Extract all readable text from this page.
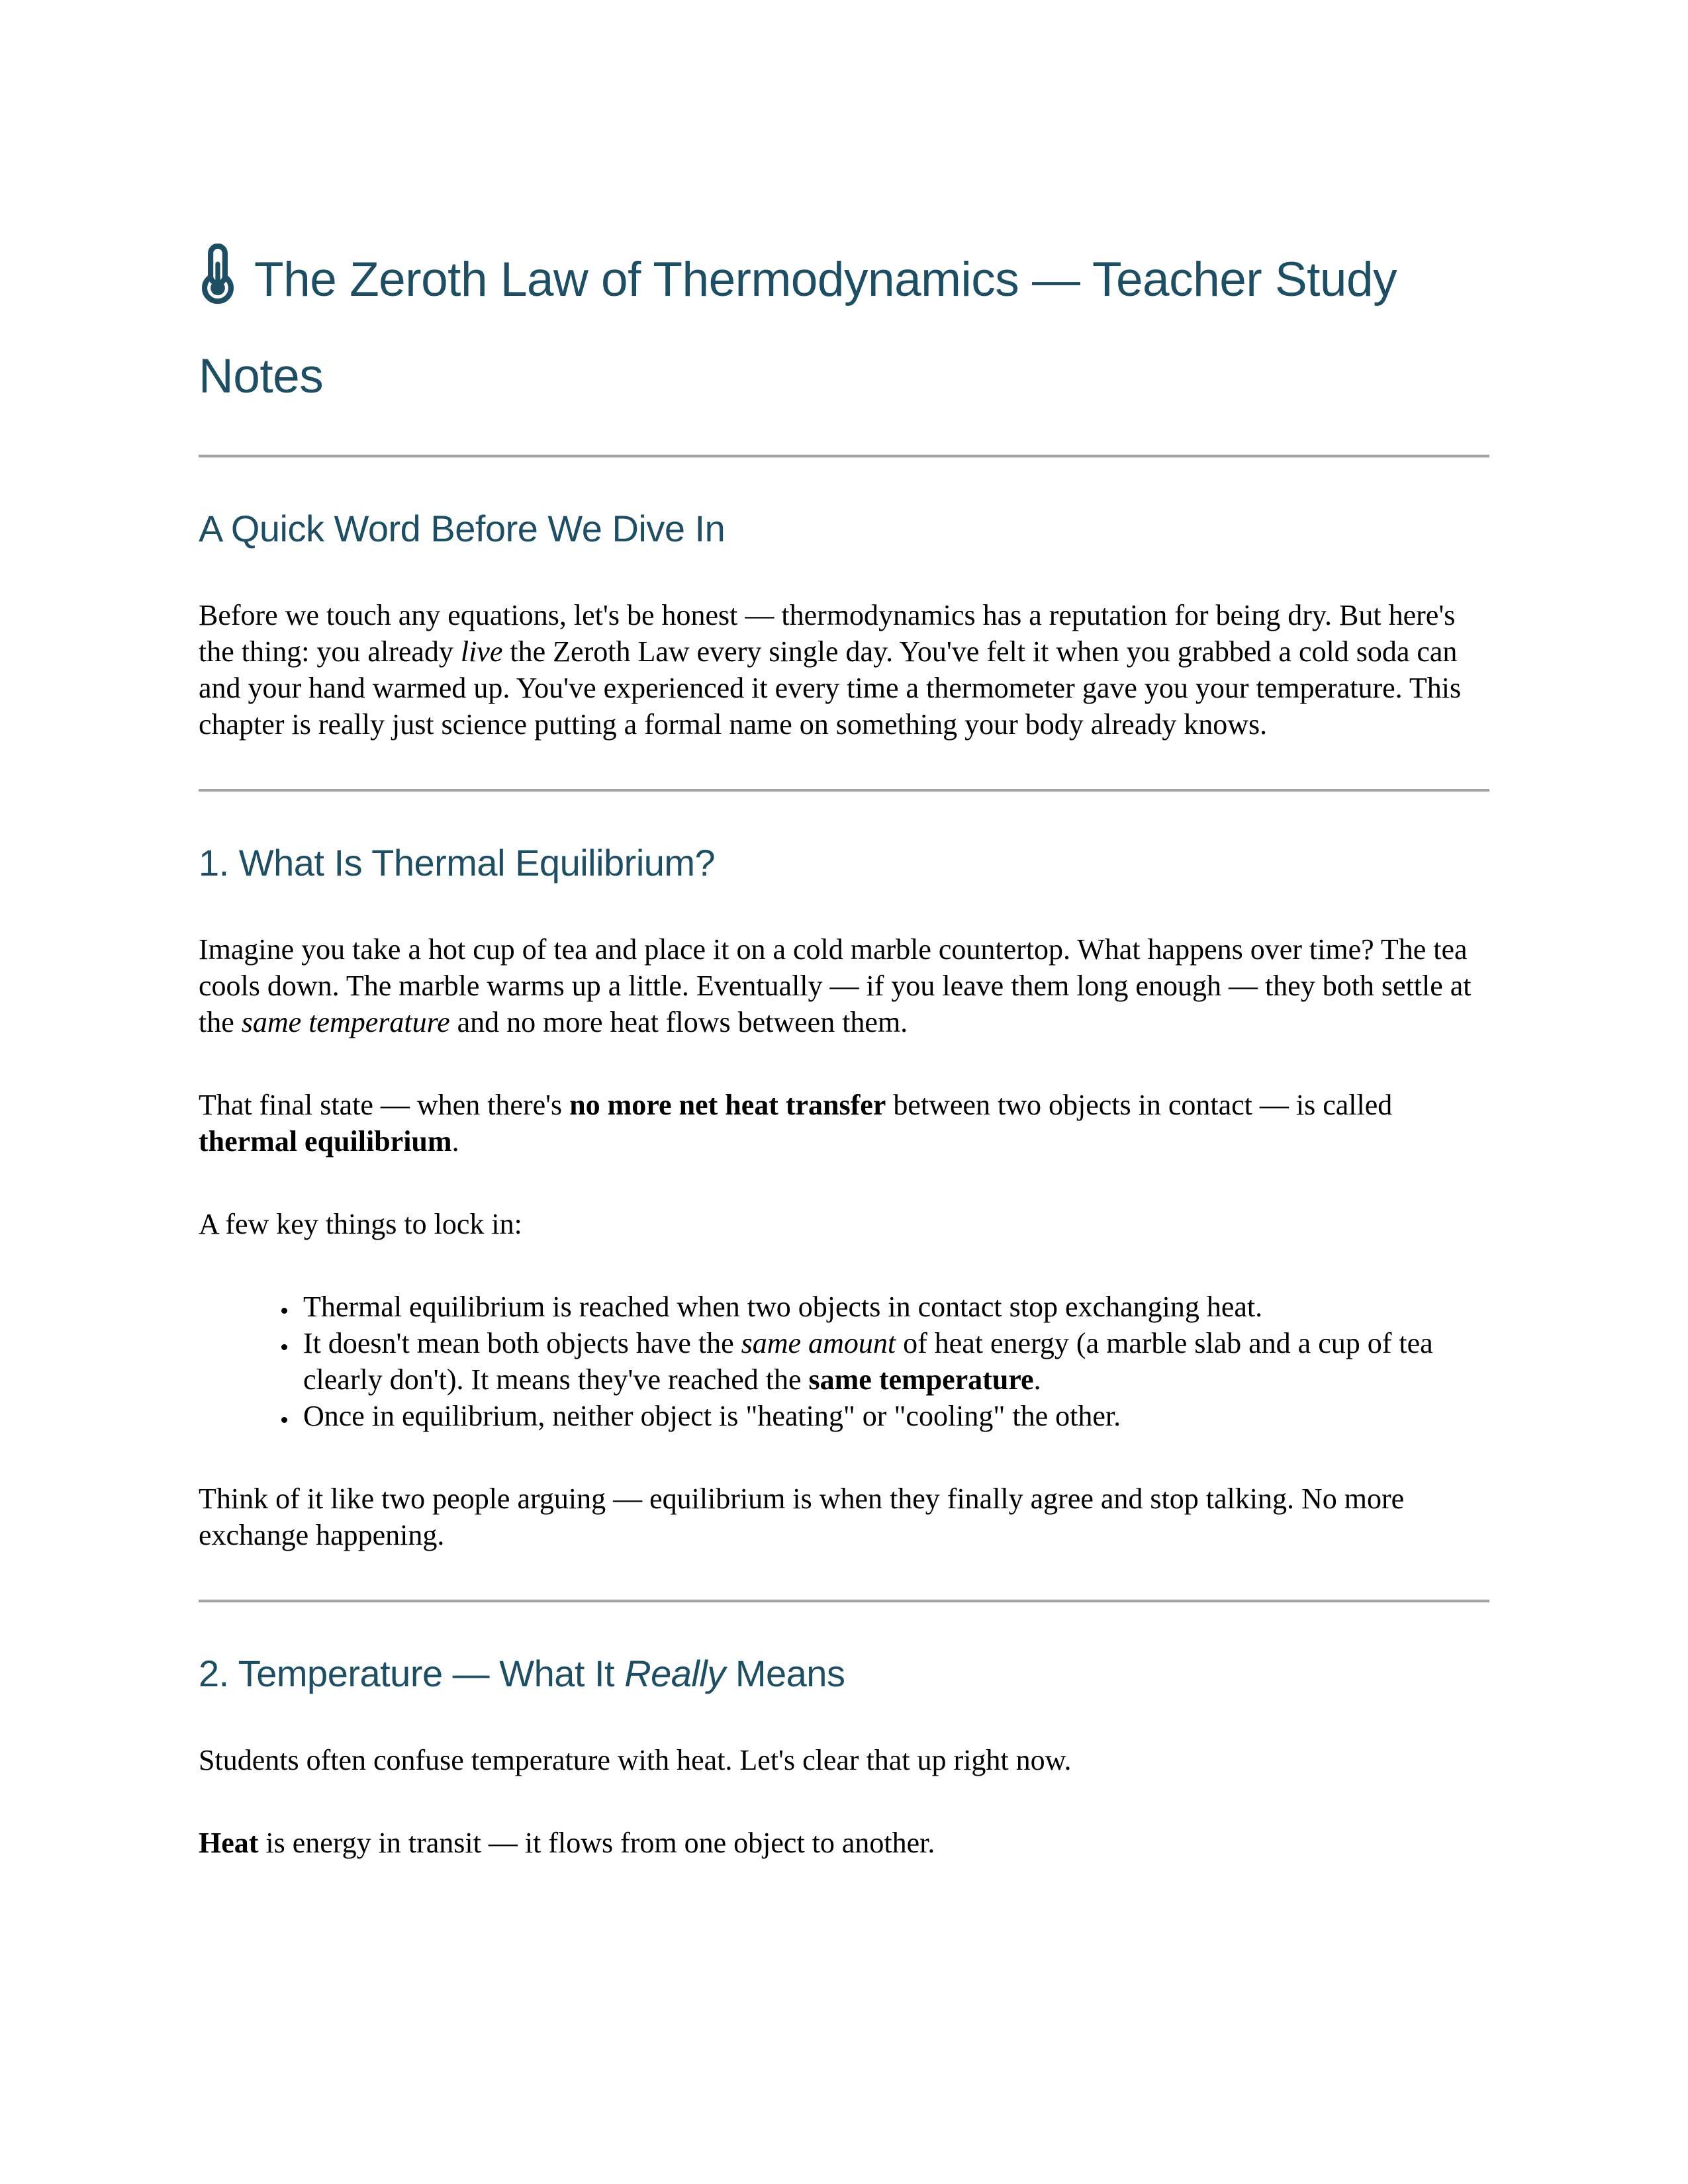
The Zeroth Law of Thermodynamics — Teacher Study Notes
A Quick Word Before We Dive In

Before we touch any equations, let's be honest — thermodynamics has a reputation for being dry. But here's the thing: you already live the Zeroth Law every single day. You've felt it when you grabbed a cold soda can and your hand warmed up. You've experienced it every time a thermometer gave you your temperature. This chapter is really just science putting a formal name on something your body already knows.

1. What Is Thermal Equilibrium?

Imagine you take a hot cup of tea and place it on a cold marble countertop. What happens over time? The tea cools down. The marble warms up a little. Eventually — if you leave them long enough — they both settle at the same temperature and no more heat flows between them.

That final state — when there's no more net heat transfer between two objects in contact — is called thermal equilibrium.

A few key things to lock in:

• Thermal equilibrium is reached when two objects in contact stop exchanging heat.
• It doesn't mean both objects have the same amount of heat energy (a marble slab and a cup of tea clearly don't). It means they've reached the same temperature.
• Once in equilibrium, neither object is "heating" or "cooling" the other.

Think of it like two people arguing — equilibrium is when they finally agree and stop talking. No more exchange happening.

2. Temperature — What It Really Means

Students often confuse temperature with heat. Let's clear that up right now.

Heat is energy in transit — it flows from one object to another.
